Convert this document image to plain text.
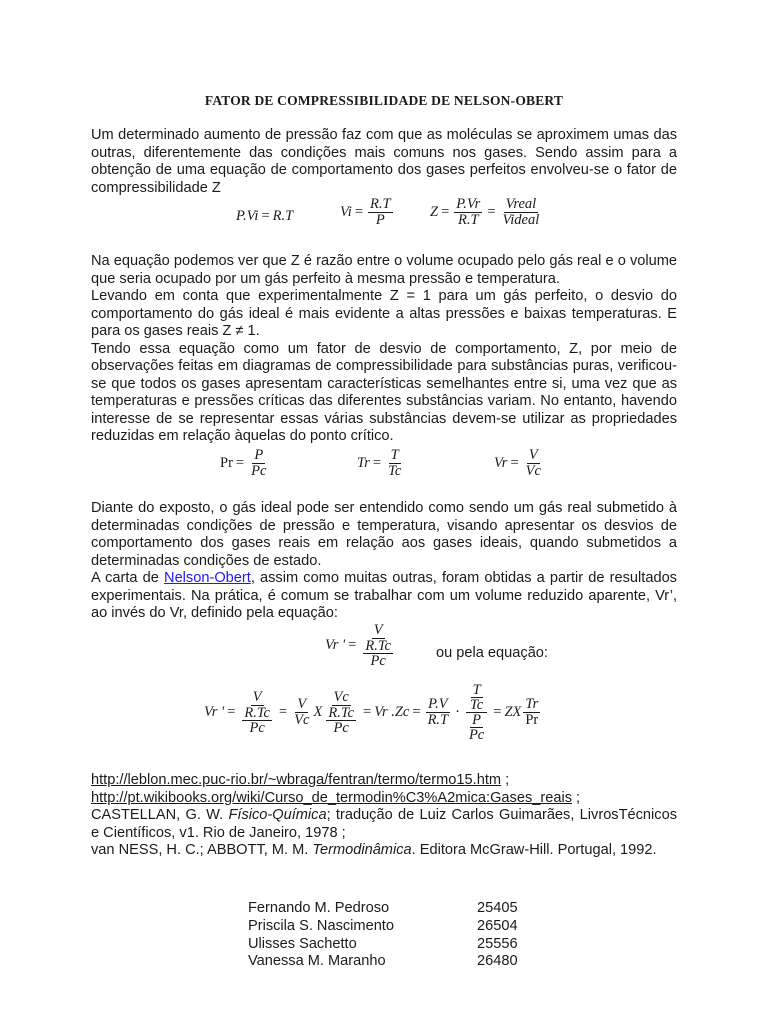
FATOR DE COMPRESSIBILIDADE DE NELSON-OBERT

Um determinado aumento de pressão faz com que as moléculas se aproximem umas das outras, diferentemente das condições mais comuns nos gases. Sendo assim para a obtenção de uma equação de comportamento dos gases perfeitos envolveu-se o fator de compressibilidade Z

P.Vi = R.T	$Vi = \frac{R.T}{P}$	$Z = \frac{P.Vr}{R.T} = \frac{\text{Vreal}}{\text{Videal}}$

Na equação podemos ver que Z é razão entre o volume ocupado pelo gás real e o volume que seria ocupado por um gás perfeito à mesma pressão e temperatura.

Levando em conta que experimentalmente Z = 1 para um gás perfeito, o desvio do comportamento do gás ideal é mais evidente a altas pressões e baixas temperaturas. E para os gases reais Z ≠ 1.

Tendo essa equação como um fator de desvio de comportamento, Z, por meio de observações feitas em diagramas de compressibilidade para substâncias puras, verificou-se que todos os gases apresentam características semelhantes entre si, uma vez que as temperaturas e pressões críticas das diferentes substâncias variam. No entanto, havendo interesse de se representar essas várias substâncias devem-se utilizar as propriedades reduzidas em relação àquelas do ponto crítico.

$Pr = \frac{P}{Pc}$	$Tr = \frac{T}{Tc}$	$Vr = \frac{V}{Vc}$

Diante do exposto, o gás ideal pode ser entendido como sendo um gás real submetido à determinadas condições de pressão e temperatura, visando apresentar os desvios de comportamento dos gases reais em relação aos gases ideais, quando submetidos a determinadas condições de estado.

A carta de Nelson-Obert, assim como muitas outras, foram obtidas a partir de resultados experimentais. Na prática, é comum se trabalhar com um volume reduzido aparente, Vr’, ao invés do Vr, definido pela equação:

Vr ' = $\frac{V}{\frac{R.Tc}{Pc}}$	ou pela equação:
Vr ' = $\frac{V}{\frac{R.Tc}{Pc}} = \frac{V}{Vc}$ X $\frac{Vc}{\frac{R.Tc}{Pc}} = Vr$ $.Zc = \frac{P.V}{R.T} \cdot \frac{\frac{T}{Tc}}{\frac{P}{Pc}}$ = ZX $\frac{Tr}{Pr}$

http://leblon.mec.puc-rio.br/~wbraga/fentran/termo/termo15.htm ;

http://pt.wikibooks.org/wiki/Curso_de_termodin%C3%A2mica:Gases_reais ;

CASTELLAN, G. W. Físico-Química; tradução de Luiz Carlos Guimarães, LivrosTécnicos e Científicos, v1. Rio de Janeiro, 1978 ;

van NESS, H. C.; ABBOTT, M. M. Termodinâmica. Editora McGraw-Hill. Portugal, 1992.

Fernando M. Pedroso	25405
Priscila S. Nascimento	26504
Ulisses Sachetto	25556
Vanessa M. Maranho	26480
